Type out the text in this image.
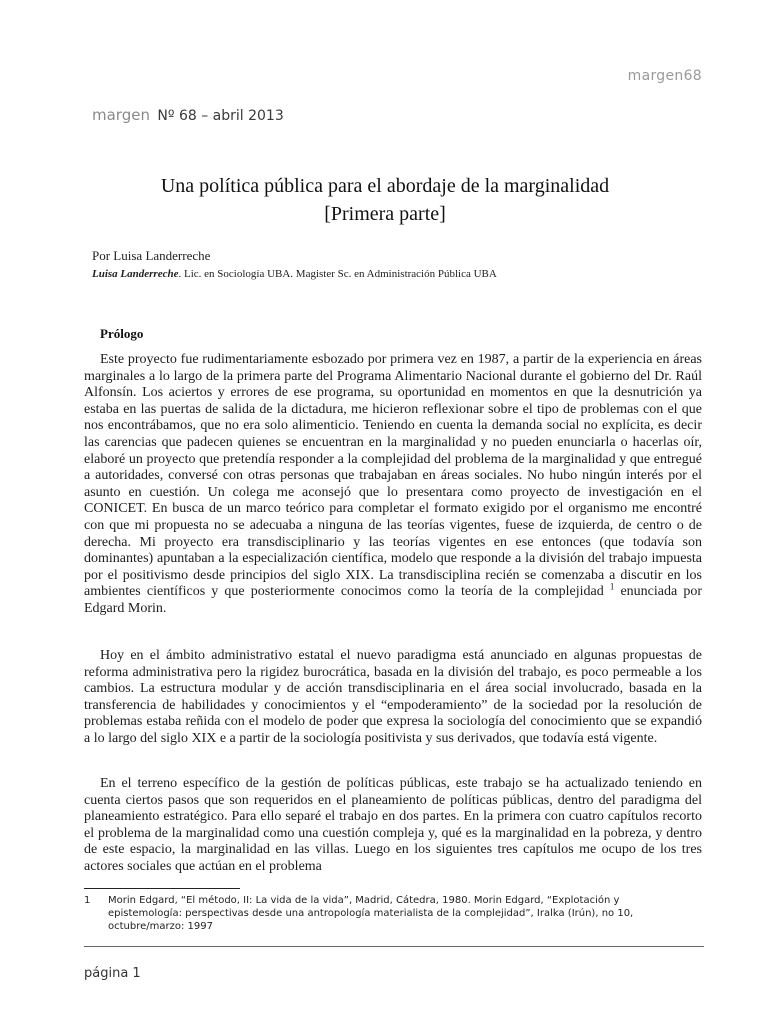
margen68
margen Nº 68 – abril 2013
Una política pública para el abordaje de la marginalidad
[Primera parte]
Por Luisa Landerreche
Luisa Landerreche. Lic. en Sociología UBA. Magister Sc. en Administración Pública UBA
Prólogo

Este proyecto fue rudimentariamente esbozado por primera vez en 1987, a partir de la experiencia en áreas marginales a lo largo de la primera parte del Programa Alimentario Nacional durante el gobierno del Dr. Raúl Alfonsín. Los aciertos y errores de ese programa, su oportunidad en momentos en que la desnutrición ya estaba en las puertas de salida de la dictadura, me hicieron reflexionar sobre el tipo de problemas con el que nos encontrábamos, que no era solo alimenticio. Teniendo en cuenta la demanda social no explícita, es decir las carencias que padecen quienes se encuentran en la marginalidad y no pueden enunciarla o hacerlas oír, elaboré un proyecto que pretendía responder a la complejidad del problema de la marginalidad y que entregué a autoridades, conversé con otras personas que trabajaban en áreas sociales. No hubo ningún interés por el asunto en cuestión. Un colega me aconsejó que lo presentara como proyecto de investigación en el CONICET. En busca de un marco teórico para completar el formato exigido por el organismo me encontré con que mi propuesta no se adecuaba a ninguna de las teorías vigentes, fuese de izquierda, de centro o de derecha. Mi proyecto era transdisciplinario y las teorías vigentes en ese entonces (que todavía son dominantes) apuntaban a la especialización científica, modelo que responde a la división del trabajo impuesta por el positivismo desde principios del siglo XIX. La transdisciplina recién se comenzaba a discutir en los ambientes científicos y que posteriormente conocimos como la teoría de la complejidad $^1$ enunciada por Edgard Morin.

Hoy en el ámbito administrativo estatal el nuevo paradigma está anunciado en algunas propuestas de reforma administrativa pero la rigidez burocrática, basada en la división del trabajo, es poco permeable a los cambios. La estructura modular y de acción transdisciplinaria en el área social involucrado, basada en la transferencia de habilidades y conocimientos y el “empoderamiento” de la sociedad por la resolución de problemas estaba reñida con el modelo de poder que expresa la sociología del conocimiento que se expandió a lo largo del siglo XIX e a partir de la sociología positivista y sus derivados, que todavía está vigente.

En el terreno específico de la gestión de políticas públicas, este trabajo se ha actualizado teniendo en cuenta ciertos pasos que son requeridos en el planeamiento de políticas públicas, dentro del paradigma del planeamiento estratégico. Para ello separé el trabajo en dos partes. En la primera con cuatro capítulos recorto el problema de la marginalidad como una cuestión compleja y, qué es la marginalidad en la pobreza, y dentro de este espacio, la marginalidad en las villas. Luego en los siguientes tres capítulos me ocupo de los tres actores sociales que actúan en el problema

1 Morin Edgard, “El método, II: La vida de la vida”, Madrid, Cátedra, 1980. Morin Edgard, “Explotación y epistemología: perspectivas desde una antropología materialista de la complejidad”, Iralka (Irún), no 10, octubre/marzo: 1997
página 1
